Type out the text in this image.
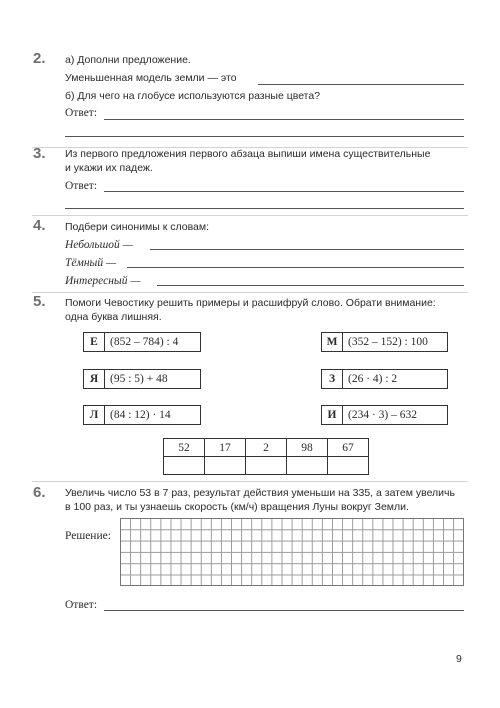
2. а) Дополни предложение.
Уменьшенная модель земли — это
б) Для чего на глобусе используются разные цвета?
Ответ:
3. Из первого предложения первого абзаца выпиши имена существительные
и укажи их падеж.
Ответ:
4. Подбери синонимы к словам:
Небольшой —
Тёмный —
Интересный —
5. Помоги Чевостику решить примеры и расшифруй слово. Обрати внимание:
одна буква лишняя.
Е	(852 – 784) : 4	М (352 – 152) : 100
Я	(95 : 5) + 48	З	(26 · 4) : 2
Л	(84 : 12) · 14	И	(234 · 3) – 632
52	17	2	98	67

6. Увеличь число 53 в 7 раз, результат действия уменьши на 335, а затем увеличь
в 100 раз, и ты узнаешь скорость (км/ч) вращения Луны вокруг Земли.
Решение:
Ответ:
9
